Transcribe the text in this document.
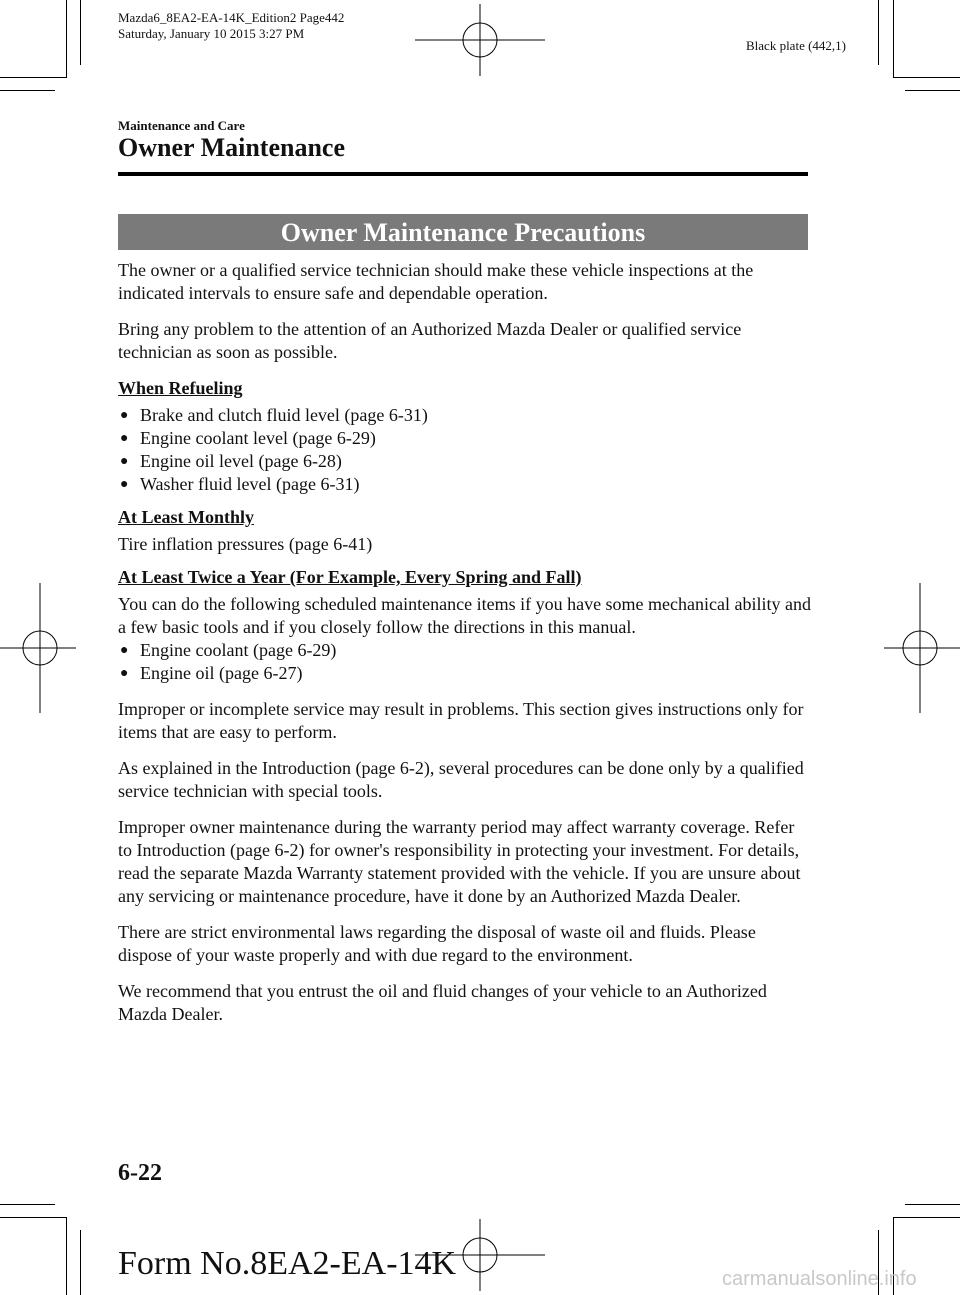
Mazda6_8EA2-EA-14K_Edition2 Page442
Saturday, January 10 2015 3:27 PM
Black plate (442,1)
Maintenance and Care
Owner Maintenance
Owner Maintenance Precautions

The owner or a qualified service technician should make these vehicle inspections at the indicated intervals to ensure safe and dependable operation.

Bring any problem to the attention of an Authorized Mazda Dealer or qualified service technician as soon as possible.

When Refueling
● Brake and clutch fluid level (page 6-31)
● Engine coolant level (page 6-29)
● Engine oil level (page 6-28)
● Washer fluid level (page 6-31)
At Least Monthly

Tire inflation pressures (page 6-41)

At Least Twice a Year (For Example, Every Spring and Fall)

You can do the following scheduled maintenance items if you have some mechanical ability and a few basic tools and if you closely follow the directions in this manual.

● Engine coolant (page 6-29)
● Engine oil (page 6-27)

Improper or incomplete service may result in problems. This section gives instructions only for items that are easy to perform.

As explained in the Introduction (page 6-2), several procedures can be done only by a qualified service technician with special tools.

Improper owner maintenance during the warranty period may affect warranty coverage. Refer to Introduction (page 6-2) for owner's responsibility in protecting your investment. For details, read the separate Mazda Warranty statement provided with the vehicle. If you are unsure about any servicing or maintenance procedure, have it done by an Authorized Mazda Dealer.

There are strict environmental laws regarding the disposal of waste oil and fluids. Please dispose of your waste properly and with due regard to the environment.

We recommend that you entrust the oil and fluid changes of your vehicle to an Authorized Mazda Dealer.

6-22
Form No.8EA2-EA-14K	carmanualsonline.info
